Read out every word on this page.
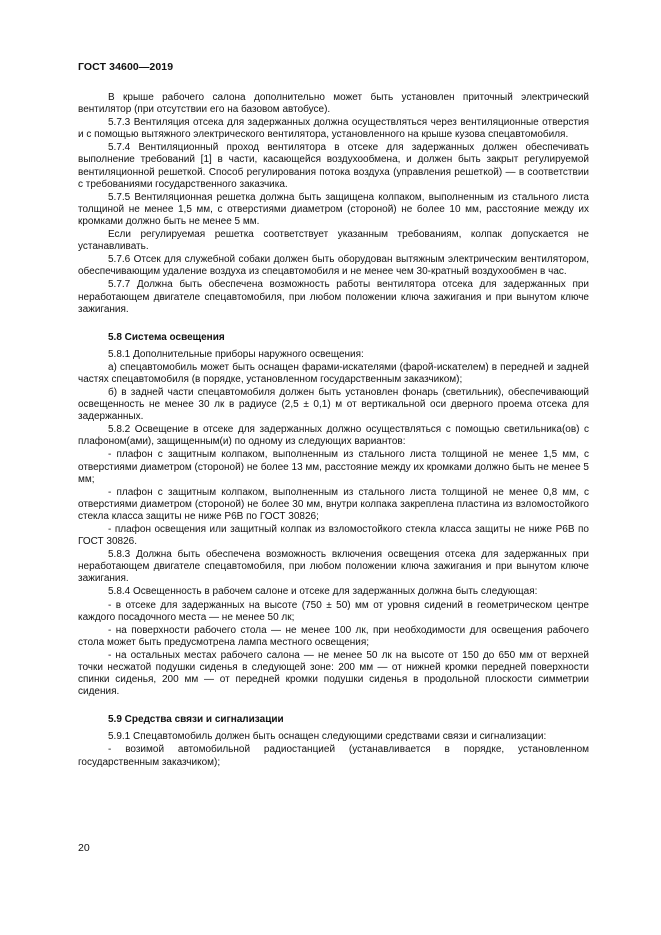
ГОСТ 34600—2019

В крыше рабочего салона дополнительно может быть установлен приточный электрический вентилятор (при отсутствии его на базовом автобусе).

5.7.3 Вентиляция отсека для задержанных должна осуществляться через вентиляционные отверстия и с помощью вытяжного электрического вентилятора, установленного на крыше кузова спецавтомобиля.

5.7.4 Вентиляционный проход вентилятора в отсеке для задержанных должен обеспечивать выполнение требований [1] в части, касающейся воздухообмена, и должен быть закрыт регулируемой вентиляционной решеткой. Способ регулирования потока воздуха (управления решеткой) — в соответствии с требованиями государственного заказчика.

5.7.5 Вентиляционная решетка должна быть защищена колпаком, выполненным из стального листа толщиной не менее 1,5 мм, с отверстиями диаметром (стороной) не более 10 мм, расстояние между их кромками должно быть не менее 5 мм.

Если регулируемая решетка соответствует указанным требованиям, колпак допускается не устанавливать.

5.7.6 Отсек для служебной собаки должен быть оборудован вытяжным электрическим вентилятором, обеспечивающим удаление воздуха из спецавтомобиля и не менее чем 30-кратный воздухообмен в час.

5.7.7 Должна быть обеспечена возможность работы вентилятора отсека для задержанных при неработающем двигателе спецавтомобиля, при любом положении ключа зажигания и при вынутом ключе зажигания.

5.8 Система освещения

5.8.1 Дополнительные приборы наружного освещения:

а) спецавтомобиль может быть оснащен фарами-искателями (фарой-искателем) в передней и задней частях спецавтомобиля (в порядке, установленном государственным заказчиком);

б) в задней части спецавтомобиля должен быть установлен фонарь (светильник), обеспечивающий освещенность не менее 30 лк в радиусе (2,5 ± 0,1) м от вертикальной оси дверного проема отсека для задержанных.

5.8.2 Освещение в отсеке для задержанных должно осуществляться с помощью светильника(ов) с плафоном(ами), защищенным(и) по одному из следующих вариантов:

- плафон с защитным колпаком, выполненным из стального листа толщиной не менее 1,5 мм, с отверстиями диаметром (стороной) не более 13 мм, расстояние между их кромками должно быть не менее 5 мм;

- плафон с защитным колпаком, выполненным из стального листа толщиной не менее 0,8 мм, с отверстиями диаметром (стороной) не более 30 мм, внутри колпака закреплена пластина из взломостойкого стекла класса защиты не ниже Р6В по ГОСТ 30826;

- плафон освещения или защитный колпак из взломостойкого стекла класса защиты не ниже Р6В по ГОСТ 30826.

5.8.3 Должна быть обеспечена возможность включения освещения отсека для задержанных при неработающем двигателе спецавтомобиля, при любом положении ключа зажигания и при вынутом ключе зажигания.

5.8.4 Освещенность в рабочем салоне и отсеке для задержанных должна быть следующая:

- в отсеке для задержанных на высоте (750 ± 50) мм от уровня сидений в геометрическом центре каждого посадочного места — не менее 50 лк;

- на поверхности рабочего стола — не менее 100 лк, при необходимости для освещения рабочего стола может быть предусмотрена лампа местного освещения;

- на остальных местах рабочего салона — не менее 50 лк на высоте от 150 до 650 мм от верхней точки несжатой подушки сиденья в следующей зоне: 200 мм — от нижней кромки передней поверхности спинки сиденья, 200 мм — от передней кромки подушки сиденья в продольной плоскости симметрии сидения.

5.9 Средства связи и сигнализации

5.9.1 Спецавтомобиль должен быть оснащен следующими средствами связи и сигнализации:

- возимой автомобильной радиостанцией (устанавливается в порядке, установленном государственным заказчиком);

20
